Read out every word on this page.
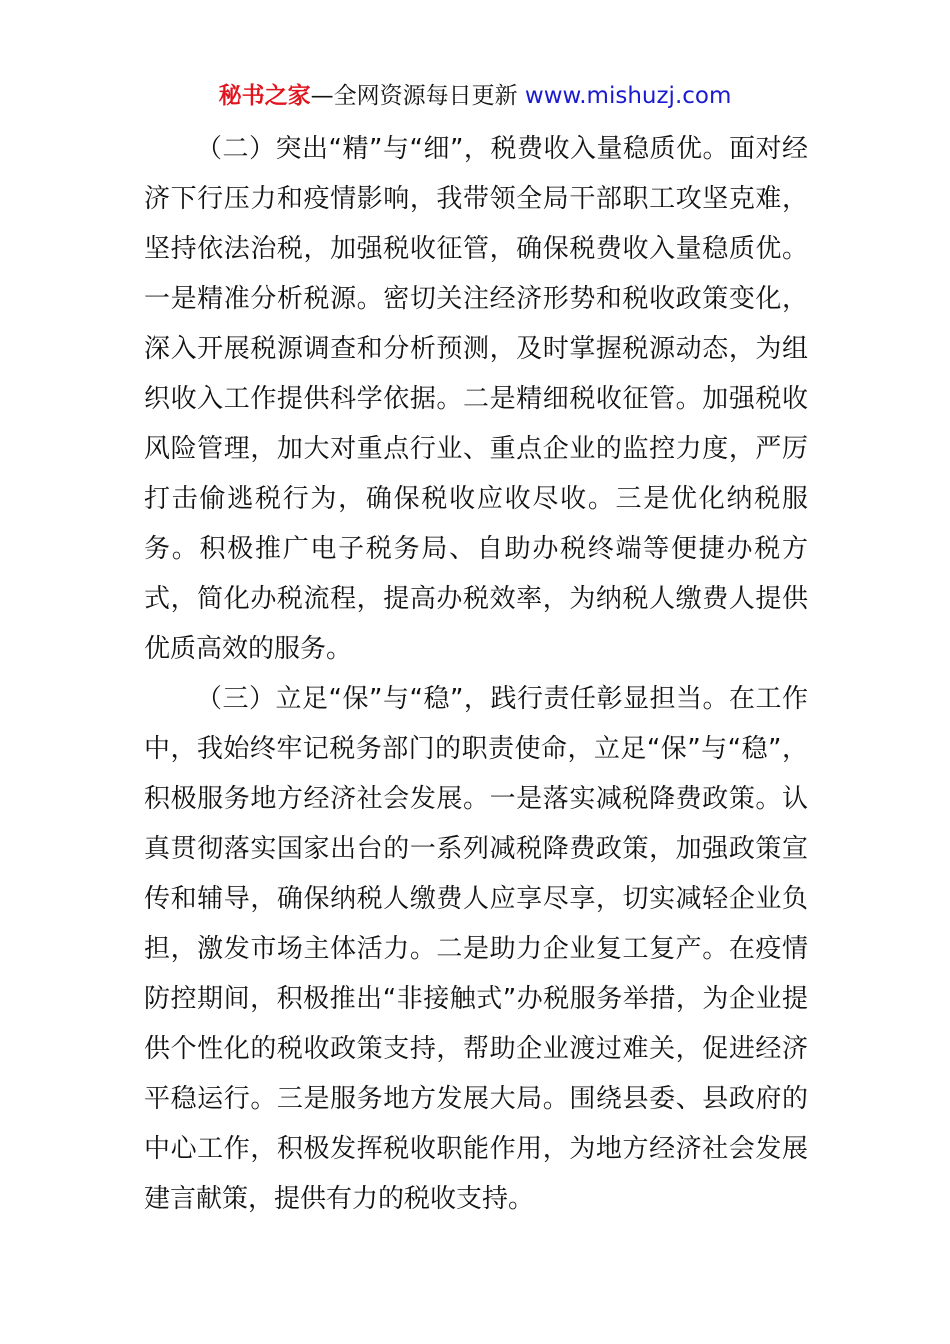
秘书之家—全网资源每日更新 www.mishuzj.com

（二）突出“精”与“细”，税费收入量稳质优。面对经济下行压力和疫情影响，我带领全局干部职工攻坚克难，坚持依法治税，加强税收征管，确保税费收入量稳质优。一是精准分析税源。密切关注经济形势和税收政策变化，深入开展税源调查和分析预测，及时掌握税源动态，为组织收入工作提供科学依据。二是精细税收征管。加强税收风险管理，加大对重点行业、重点企业的监控力度，严厉打击偷逃税行为，确保税收应收尽收。三是优化纳税服务。积极推广电子税务局、自助办税终端等便捷办税方式，简化办税流程，提高办税效率，为纳税人缴费人提供优质高效的服务。

（三）立足“保”与“稳”，践行责任彰显担当。在工作中，我始终牢记税务部门的职责使命，立足“保”与“稳”，积极服务地方经济社会发展。一是落实减税降费政策。认真贯彻落实国家出台的一系列减税降费政策，加强政策宣传和辅导，确保纳税人缴费人应享尽享，切实减轻企业负担，激发市场主体活力。二是助力企业复工复产。在疫情防控期间，积极推出“非接触式”办税服务举措，为企业提供个性化的税收政策支持，帮助企业渡过难关，促进经济平稳运行。三是服务地方发展大局。围绕县委、县政府的中心工作，积极发挥税收职能作用，为地方经济社会发展建言献策，提供有力的税收支持。
